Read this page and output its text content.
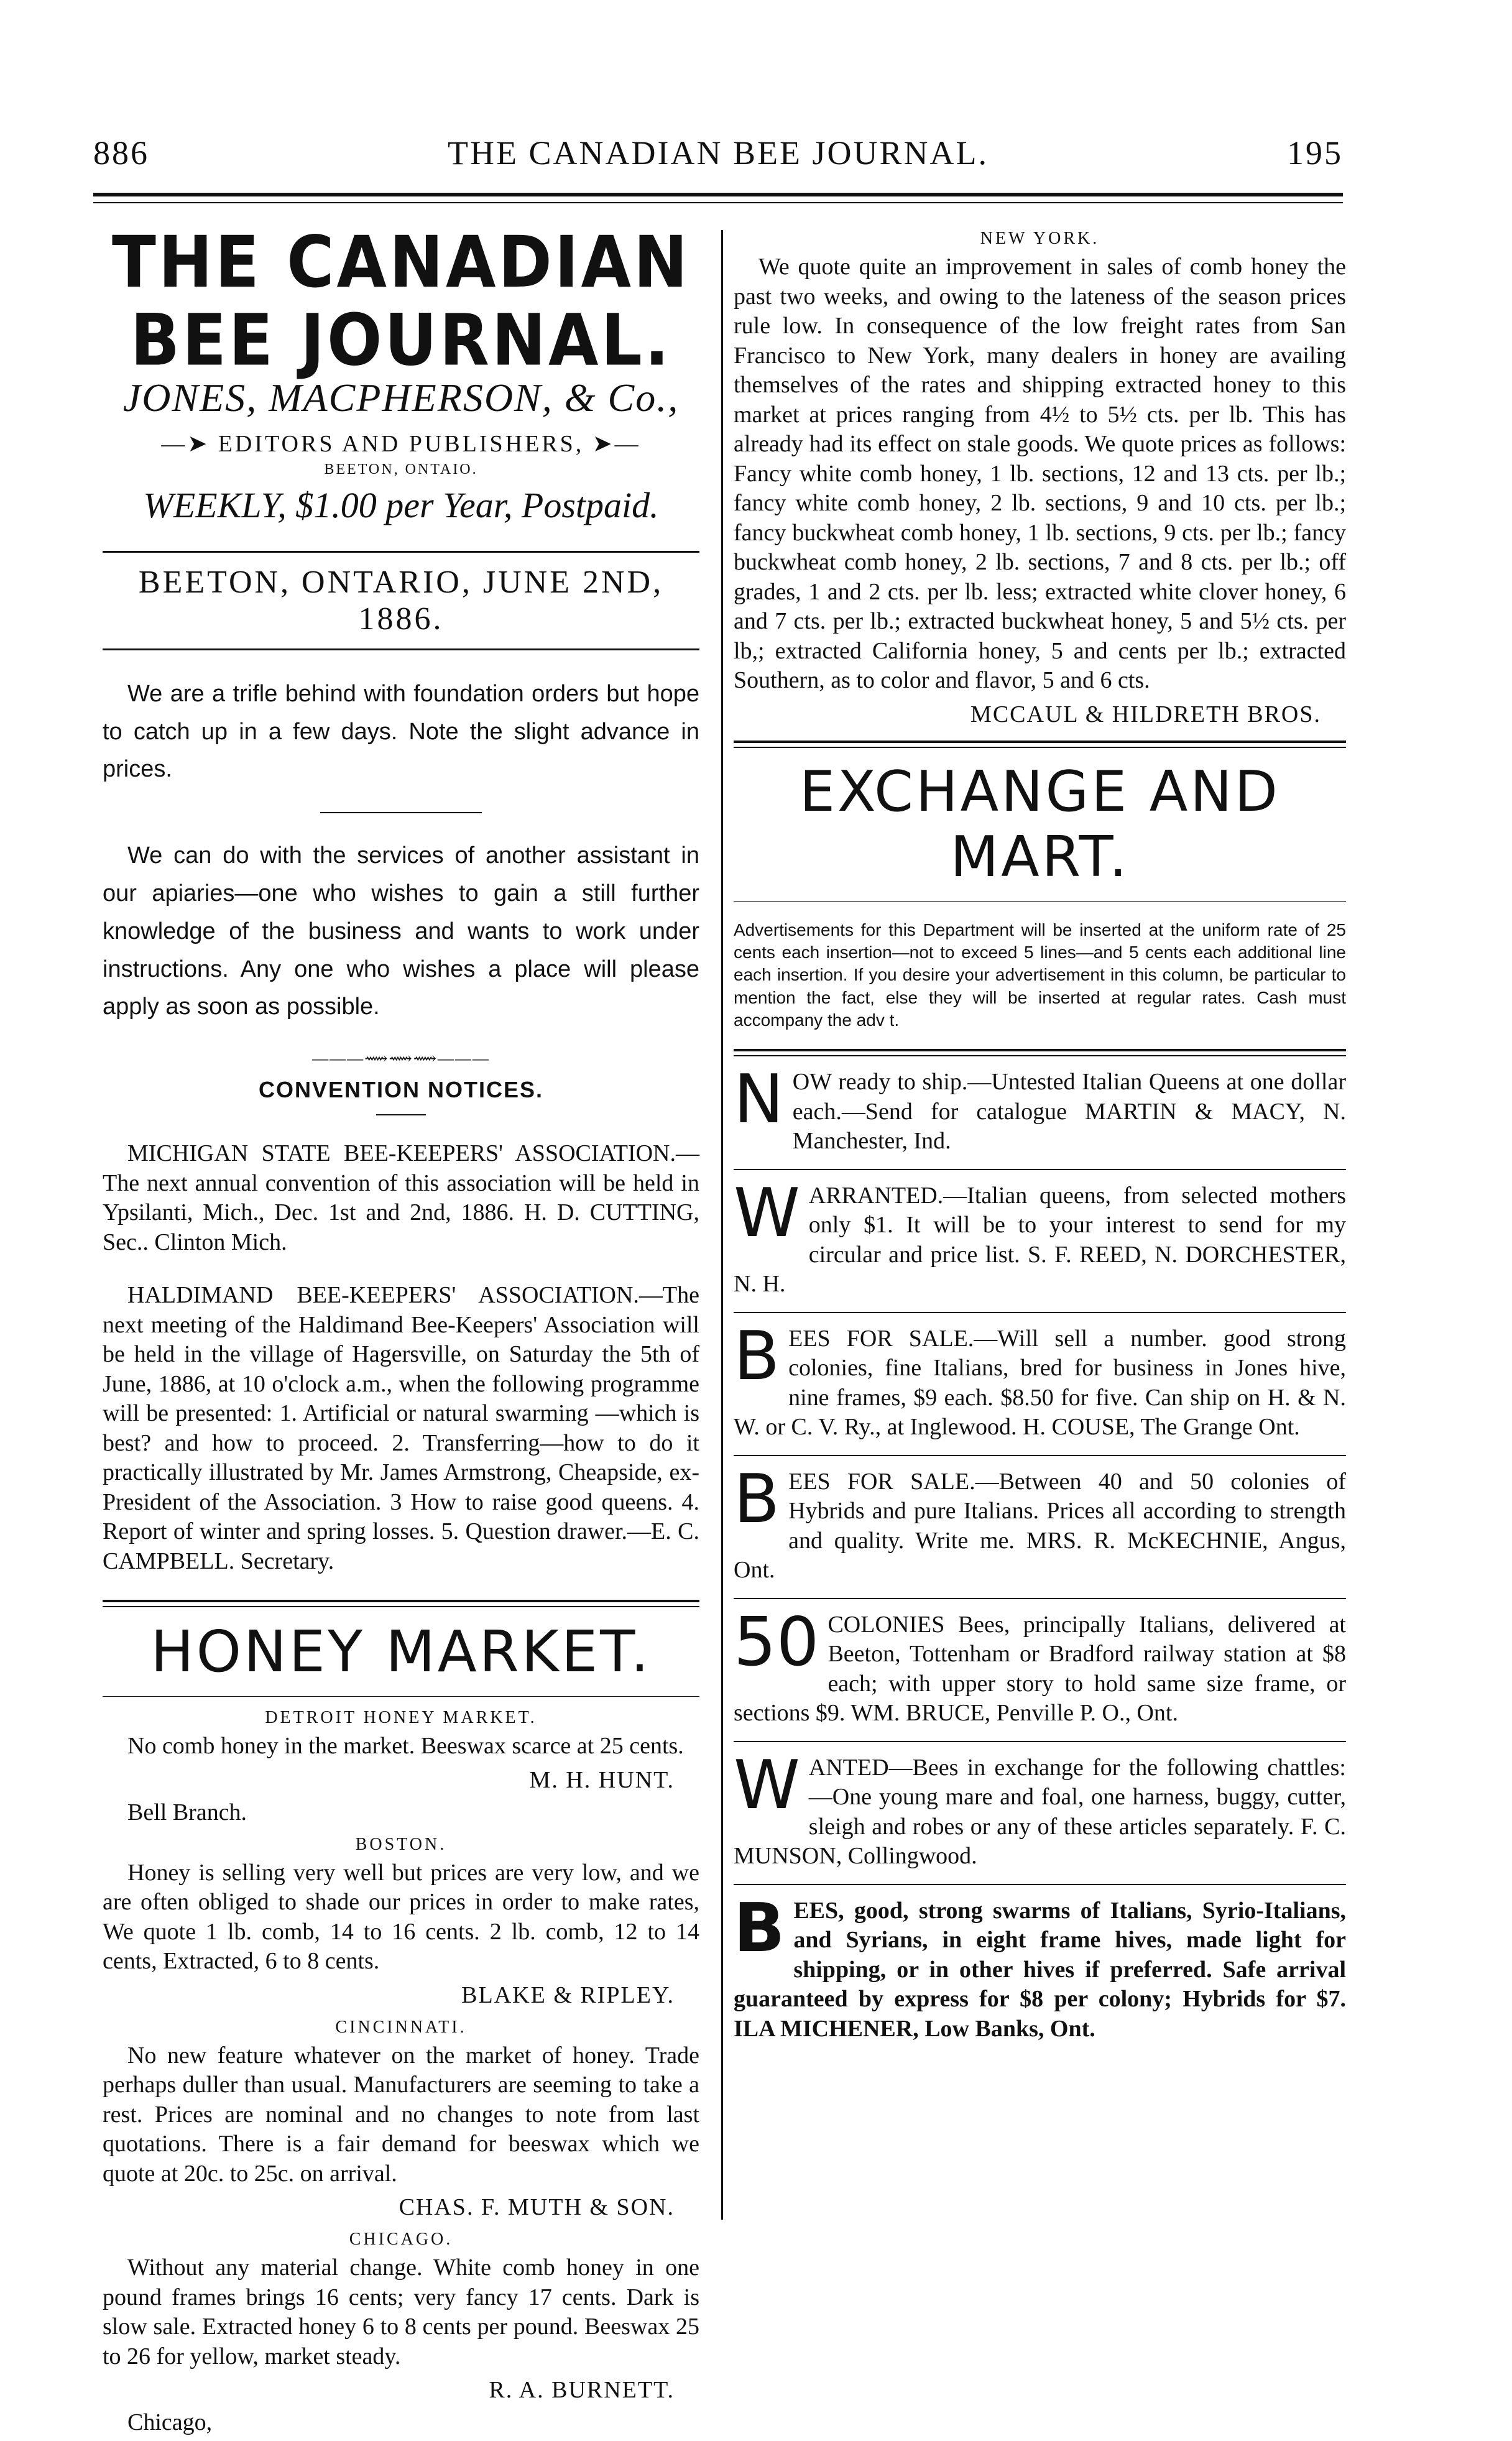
886	THE CANADIAN BEE JOURNAL.	195
THE CANADIAN BEE JOURNAL.
JONES, MACPHERSON, & Co.,
—➤ EDITORS AND PUBLISHERS, ➤—
BEETON, ONTAIO.
WEEKLY, $1.00 per Year, Postpaid.
BEETON, ONTARIO, JUNE 2ND, 1886.

We are a trifle behind with foundation orders but hope to catch up in a few days. Note the slight advance in prices.

We can do with the services of another assistant in our apiaries—one who wishes to gain a still further knowledge of the business and wants to work under instructions. Any one who wishes a place will please apply as soon as possible.

———⟿⟿⟿———
CONVENTION NOTICES.

MICHIGAN STATE BEE-KEEPERS' ASSOCIATION.—The next annual convention of this association will be held in Ypsilanti, Mich., Dec. 1st and 2nd, 1886. H. D. CUTTING, Sec.. Clinton Mich.

HALDIMAND BEE-KEEPERS' ASSOCIATION.—The next meeting of the Haldimand Bee-Keepers' Association will be held in the village of Hagersville, on Saturday the 5th of June, 1886, at 10 o'clock a.m., when the following programme will be presented: 1. Artificial or natural swarming —which is best? and how to proceed. 2. Transferring—how to do it practically illustrated by Mr. James Armstrong, Cheapside, ex-President of the Association. 3 How to raise good queens. 4. Report of winter and spring losses. 5. Question drawer.—E. C. CAMPBELL. Secretary.

HONEY MARKET.
DETROIT HONEY MARKET.

No comb honey in the market. Beeswax scarce at 25 cents.

M. H. HUNT.
Bell Branch.
BOSTON.

Honey is selling very well but prices are very low, and we are often obliged to shade our prices in order to make rates, We quote 1 lb. comb, 14 to 16 cents. 2 lb. comb, 12 to 14 cents, Extracted, 6 to 8 cents.

BLAKE & RIPLEY.
CINCINNATI.

No new feature whatever on the market of honey. Trade perhaps duller than usual. Manufacturers are seeming to take a rest. Prices are nominal and no changes to note from last quotations. There is a fair demand for beeswax which we quote at 20c. to 25c. on arrival.

CHAS. F. MUTH & SON.
CHICAGO.

Without any material change. White comb honey in one pound frames brings 16 cents; very fancy 17 cents. Dark is slow sale. Extracted honey 6 to 8 cents per pound. Beeswax 25 to 26 for yellow, market steady.

R. A. BURNETT.
Chicago,
NEW YORK.

We quote quite an improvement in sales of comb honey the past two weeks, and owing to the lateness of the season prices rule low. In consequence of the low freight rates from San Francisco to New York, many dealers in honey are availing themselves of the rates and shipping extracted honey to this market at prices ranging from 4½ to 5½ cts. per lb. This has already had its effect on stale goods. We quote prices as follows: Fancy white comb honey, 1 lb. sections, 12 and 13 cts. per lb.; fancy white comb honey, 2 lb. sections, 9 and 10 cts. per lb.; fancy buckwheat comb honey, 1 lb. sections, 9 cts. per lb.; fancy buckwheat comb honey, 2 lb. sections, 7 and 8 cts. per lb.; off grades, 1 and 2 cts. per lb. less; extracted white clover honey, 6 and 7 cts. per lb.; extracted buckwheat honey, 5 and 5½ cts. per lb,; extracted California honey, 5 and cents per lb.; extracted Southern, as to color and flavor, 5 and 6 cts.

MCCAUL & HILDRETH BROS.
EXCHANGE AND MART.

Advertisements for this Department will be inserted at the uniform rate of 25 cents each insertion—not to exceed 5 lines—and 5 cents each additional line each insertion. If you desire your advertisement in this column, be particular to mention the fact, else they will be inserted at regular rates. Cash must accompany the adv t.

N OW ready to ship.—Untested Italian Queens at one dollar each.—Send for catalogue MARTIN & MACY, N. Manchester, Ind.
W ARRANTED.—Italian queens, from selected mothers only $1. It will be to your interest to send for my circular and price list. S. F. REED, N. DORCHESTER, N. H.
B EES FOR SALE.—Will sell a number. good strong colonies, fine Italians, bred for business in Jones hive, nine frames, $9 each. $8.50 for five. Can ship on H. & N. W. or C. V. Ry., at Inglewood. H. COUSE, The Grange Ont.
B EES FOR SALE.—Between 40 and 50 colonies of Hybrids and pure Italians. Prices all according to strength and quality. Write me. MRS. R. McKECHNIE, Angus, Ont.
50 COLONIES Bees, principally Italians, delivered at Beeton, Tottenham or Bradford railway station at $8 each; with upper story to hold same size frame, or sections $9. WM. BRUCE, Penville P. O., Ont.
W ANTED—Bees in exchange for the following chattles:—One young mare and foal, one harness, buggy, cutter, sleigh and robes or any of these articles separately. F. C. MUNSON, Collingwood.
B EES, good, strong swarms of Italians, Syrio-Italians, and Syrians, in eight frame hives, made light for shipping, or in other hives if preferred. Safe arrival guaranteed by express for $8 per colony; Hybrids for $7. ILA MICHENER, Low Banks, Ont.
